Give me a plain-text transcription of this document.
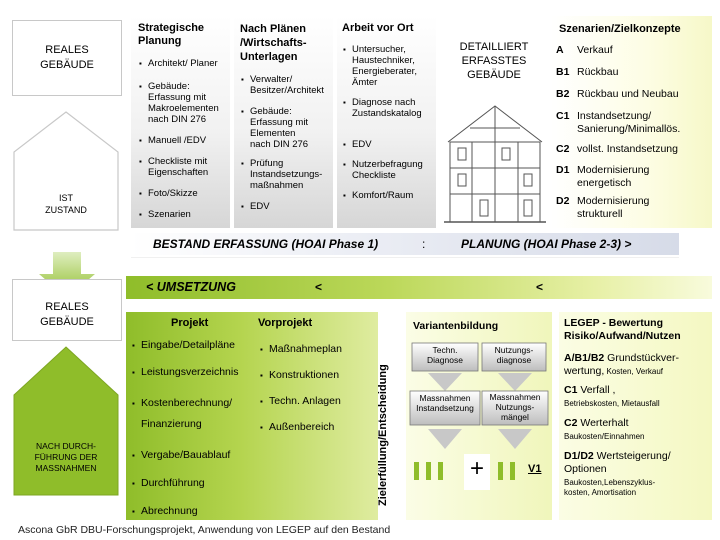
REALES
GEBÄUDE
IST
ZUSTAND
REALES
GEBÄUDE
NACH DURCH-
FÜHRUNG DER
MASSNAHMEN
Strategische
Planung
▪ Architekt/ Planer
▪ Gebäude:
Erfassung mit
Makroelementen
nach DIN 276
▪ Manuell /EDV
▪ Checkliste mit
Eigenschaften
▪ Foto/Skizze
▪ Szenarien
Nach Plänen
/Wirtschafts-
Unterlagen
▪ Verwalter/
Besitzer/Architekt
▪ Gebäude:
Erfassung mit
Elementen
nach DIN 276
▪ Prüfung
Instandsetzungs-
maßnahmen
▪ EDV
Arbeit vor Ort
▪ Untersucher,
Haustechniker,
Energieberater,
Ämter
▪ Diagnose nach
Zustandskatalog
▪ EDV
▪ Nutzerbefragung
Checkliste
▪ Komfort/Raum
DETAILLIERT
ERFASSTES
GEBÄUDE
Szenarien/Zielkonzepte
A	Verkauf
B1 Rückbau
B2 Rückbau und Neubau
C1 Instandsetzung/
Sanierung/Minimallös.
C2 vollst. Instandsetzung
D1 Modernisierung
energetisch
D2 Modernisierung
strukturell
BESTAND ERFASSUNG (HOAI Phase 1)	:	PLANUNG (HOAI Phase 2-3) >
< UMSETZUNG	<	<
Projekt	Vorprojekt
▪ Eingabe/Detailpläne
▪ Leistungsverzeichnis
▪ Kostenberechnung/
Finanzierung
▪ Vergabe/Bauablauf
▪ Durchführung
▪ Abrechnung
▪ Maßnahmeplan
▪ Konstruktionen
▪ Techn. Anlagen
▪ Außenbereich	Zielerfüllung/Entscheidung
Variantenbildung
Techn.
Diagnose
Nutzungs-
diagnose
Massnahmen
Instandsetzung
Massnahmen
Nutzungs-
mängel
+	V1
LEGEP - Bewertung
Risiko/Aufwand/Nutzen
A/B1/B2 Grundstückver-
wertung, Kosten, Verkauf
C1 Verfall ,
Betriebskosten, Mietausfall
C2 Werterhalt
Baukosten/Einnahmen
D1/D2 Wertsteigerung/
Optionen
Baukosten,Lebenszyklus-
kosten, Amortisation
Ascona GbR DBU-Forschungsprojekt, Anwendung von LEGEP auf den Bestand
